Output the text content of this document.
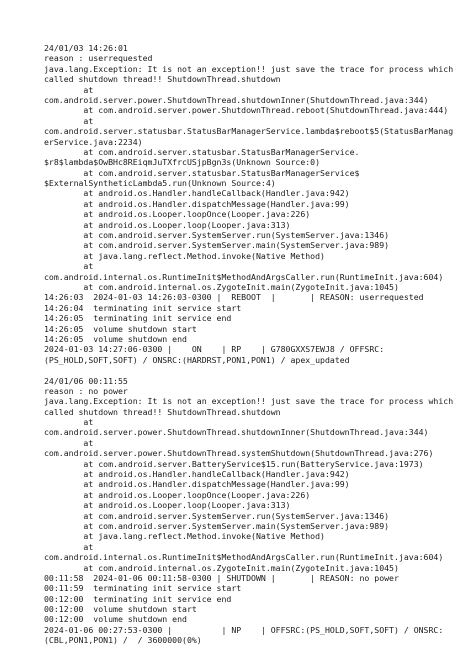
24/01/03 14:26:01
reason : userrequested
java.lang.Exception: It is not an exception!! just save the trace for process which
called shutdown thread!! ShutdownThread.shutdown
at
com.android.server.power.ShutdownThread.shutdownInner(ShutdownThread.java:344)
at com.android.server.power.ShutdownThread.reboot(ShutdownThread.java:444)
at
com.android.server.statusbar.StatusBarManagerService.lambda$reboot$5(StatusBarManag
erService.java:2234)
at com.android.server.statusbar.StatusBarManagerService.
$r8$lambda$OwBHc8REiqmJuTXfrcUSjpBgn3s(Unknown Source:0)
at com.android.server.statusbar.StatusBarManagerService$
$ExternalSyntheticLambda5.run(Unknown Source:4)
at android.os.Handler.handleCallback(Handler.java:942)
at android.os.Handler.dispatchMessage(Handler.java:99)
at android.os.Looper.loopOnce(Looper.java:226)
at android.os.Looper.loop(Looper.java:313)
at com.android.server.SystemServer.run(SystemServer.java:1346)
at com.android.server.SystemServer.main(SystemServer.java:989)
at java.lang.reflect.Method.invoke(Native Method)
at
com.android.internal.os.RuntimeInit$MethodAndArgsCaller.run(RuntimeInit.java:604)
at com.android.internal.os.ZygoteInit.main(ZygoteInit.java:1045)
14:26:03  2024-01-03 14:26:03-0300 |  REBOOT  |       | REASON: userrequested
14:26:04  terminating init service start
14:26:05  terminating init service end
14:26:05  volume shutdown start
14:26:05  volume shutdown end
2024-01-03 14:27:06-0300 |    ON    | RP    | G780GXXS7EWJ8 / OFFSRC:
(PS_HOLD,SOFT,SOFT) / ONSRC:(HARDRST,PON1,PON1) / apex_updated
24/01/06 00:11:55
reason : no power
java.lang.Exception: It is not an exception!! just save the trace for process which
called shutdown thread!! ShutdownThread.shutdown
at
com.android.server.power.ShutdownThread.shutdownInner(ShutdownThread.java:344)
at
com.android.server.power.ShutdownThread.systemShutdown(ShutdownThread.java:276)
at com.android.server.BatteryService$15.run(BatteryService.java:1973)
at android.os.Handler.handleCallback(Handler.java:942)
at android.os.Handler.dispatchMessage(Handler.java:99)
at android.os.Looper.loopOnce(Looper.java:226)
at android.os.Looper.loop(Looper.java:313)
at com.android.server.SystemServer.run(SystemServer.java:1346)
at com.android.server.SystemServer.main(SystemServer.java:989)
at java.lang.reflect.Method.invoke(Native Method)
at
com.android.internal.os.RuntimeInit$MethodAndArgsCaller.run(RuntimeInit.java:604)
at com.android.internal.os.ZygoteInit.main(ZygoteInit.java:1045)
00:11:58  2024-01-06 00:11:58-0300 | SHUTDOWN |       | REASON: no power
00:11:59  terminating init service start
00:12:00  terminating init service end
00:12:00  volume shutdown start
00:12:00  volume shutdown end
2024-01-06 00:27:53-0300 |          | NP    | OFFSRC:(PS_HOLD,SOFT,SOFT) / ONSRC:
(CBL,PON1,PON1) /  / 3600000(0%)
